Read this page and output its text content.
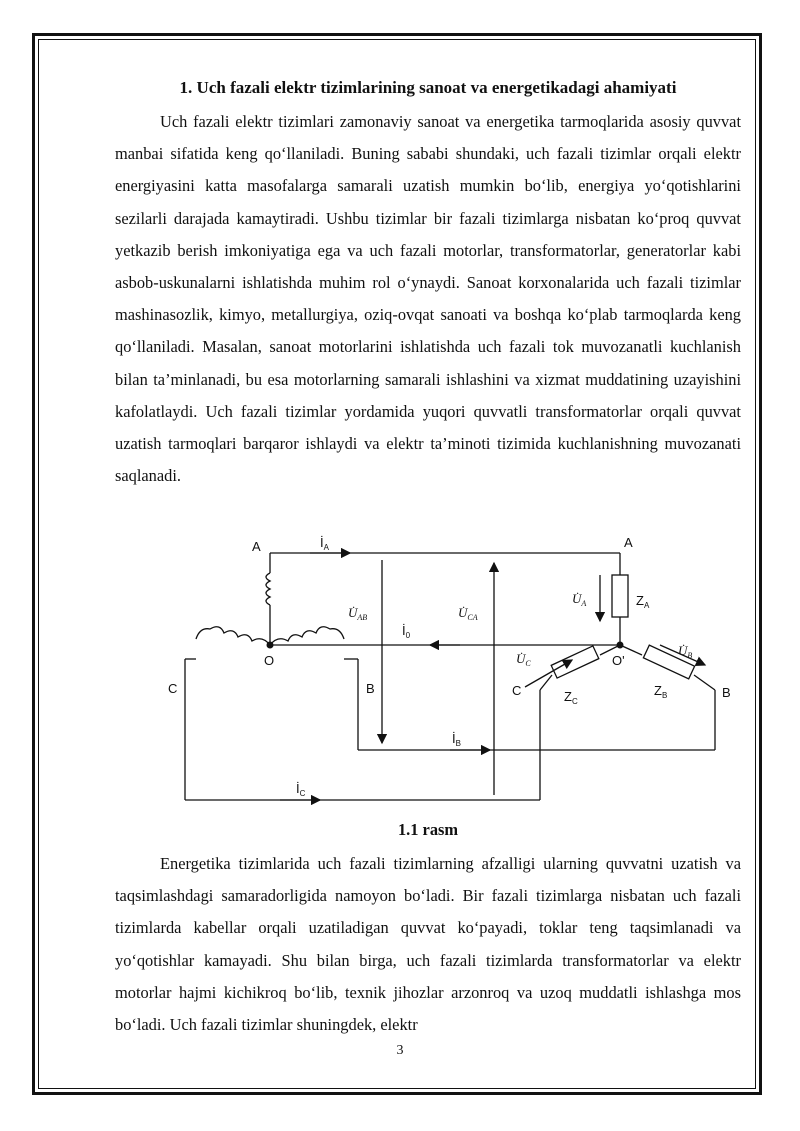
1. Uch fazali elektr tizimlarining sanoat va energetikadagi ahamiyati

Uch fazali elektr tizimlari zamonaviy sanoat va energetika tarmoqlarida asosiy quvvat manbai sifatida keng qo‘llaniladi. Buning sababi shundaki, uch fazali tizimlar orqali elektr energiyasini katta masofalarga samarali uzatish mumkin bo‘lib, energiya yo‘qotishlarini sezilarli darajada kamaytiradi. Ushbu tizimlar bir fazali tizimlarga nisbatan ko‘proq quvvat yetkazib berish imkoniyatiga ega va uch fazali motorlar, transformatorlar, generatorlar kabi asbob-uskunalarni ishlatishda muhim rol o‘ynaydi. Sanoat korxonalarida uch fazali tizimlar mashinasozlik, kimyo, metallurgiya, oziq-ovqat sanoati va boshqa ko‘plab tarmoqlarda keng qo‘llaniladi. Masalan, sanoat motorlarini ishlatishda uch fazali tok muvozanatli kuchlanish bilan ta’minlanadi, bu esa motorlarning samarali ishlashini va xizmat muddatining uzayishini kafolatlaydi. Uch fazali tizimlar yordamida yuqori quvvatli transformatorlar orqali quvvat uzatish tarmoqlari barqaror ishlaydi va elektr ta’minoti tizimida kuchlanishning muvozanati saqlanadi.

A	A
O	O'
B	B
C	C
$İ_A$
$İ_0$
$İ_B$
$İ_C$
$U̇_{AB}$	$U̇_{CA}$
$U̇_A$
$U̇_B$
$U̇_C$
$Z_A$
$Z_B$
$Z_C$
1.1 rasm

Energetika tizimlarida uch fazali tizimlarning afzalligi ularning quvvatni uzatish va taqsimlashdagi samaradorligida namoyon bo‘ladi. Bir fazali tizimlarga nisbatan uch fazali tizimlarda kabellar orqali uzatiladigan quvvat ko‘payadi, toklar teng taqsimlanadi va yo‘qotishlar kamayadi. Shu bilan birga, uch fazali tizimlarda transformatorlar va elektr motorlar hajmi kichikroq bo‘lib, texnik jihozlar arzonroq va uzoq muddatli ishlashga mos bo‘ladi. Uch fazali tizimlar shuningdek, elektr

3
